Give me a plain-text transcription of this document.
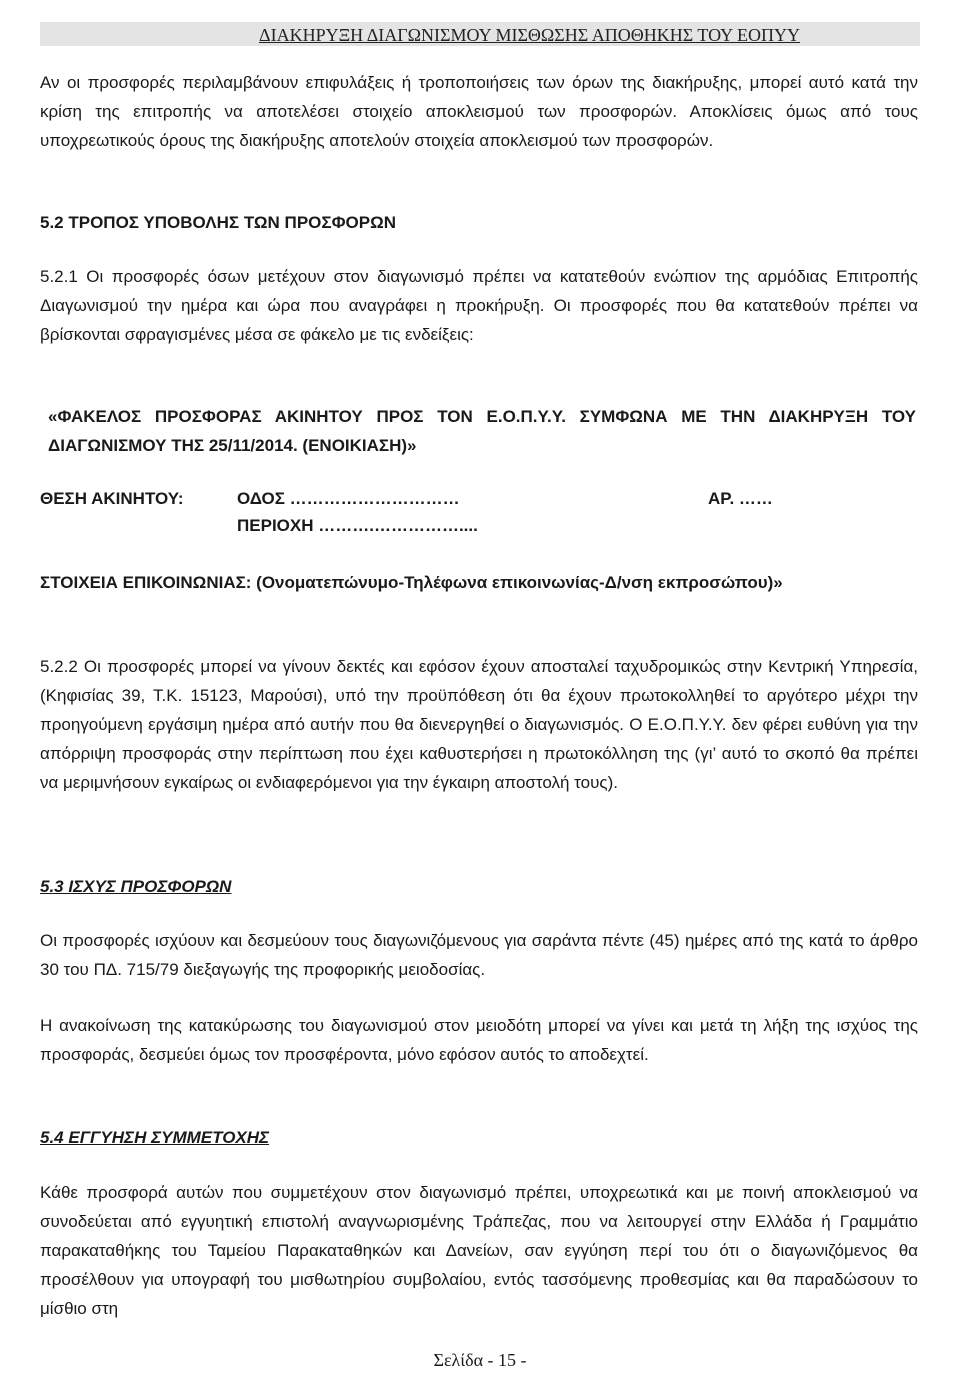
ΔΙΑΚΗΡΥΞΗ ΔΙΑΓΩΝΙΣΜΟΥ ΜΙΣΘΩΣΗΣ ΑΠΟΘΗΚΗΣ ΤΟΥ ΕΟΠΥΥ

Αν οι προσφορές περιλαμβάνουν επιφυλάξεις ή τροποποιήσεις των όρων της διακήρυξης, μπορεί αυτό κατά την κρίση της επιτροπής να αποτελέσει στοιχείο αποκλεισμού των προσφορών. Αποκλίσεις όμως από τους υποχρεωτικούς όρους της διακήρυξης αποτελούν στοιχεία αποκλεισμού των προσφορών.

5.2 ΤΡΟΠΟΣ ΥΠΟΒΟΛΗΣ ΤΩΝ ΠΡΟΣΦΟΡΩΝ

5.2.1 Οι προσφορές όσων μετέχουν στον διαγωνισμό πρέπει να κατατεθούν ενώπιον της αρμόδιας Επιτροπής Διαγωνισμού την ημέρα και ώρα που αναγράφει η προκήρυξη. Οι προσφορές που θα κατατεθούν πρέπει να βρίσκονται σφραγισμένες μέσα σε φάκελο με τις ενδείξεις:

«ΦΑΚΕΛΟΣ ΠΡΟΣΦΟΡΑΣ ΑΚΙΝΗΤΟΥ ΠΡΟΣ ΤΟΝ Ε.Ο.Π.Υ.Υ. ΣΥΜΦΩΝΑ ΜΕ ΤΗΝ ΔΙΑΚΗΡΥΞΗ ΤΟΥ ΔΙΑΓΩΝΙΣΜΟΥ ΤΗΣ 25/11/2014. (ΕΝΟΙΚΙΑΣΗ)»

ΘΕΣΗ ΑΚΙΝΗΤΟΥ:	ΟΔΟΣ …………………………	ΑΡ. ……
ΠΕΡΙΟΧΗ ……….……………....

ΣΤΟΙΧΕΙΑ ΕΠΙΚΟΙΝΩΝΙΑΣ: (Ονοματεπώνυμο-Τηλέφωνα επικοινωνίας-Δ/νση εκπροσώπου)»

5.2.2 Οι προσφορές μπορεί να γίνουν δεκτές και εφόσον έχουν αποσταλεί ταχυδρομικώς στην Κεντρική Υπηρεσία, (Κηφισίας 39, Τ.Κ. 15123, Μαρούσι), υπό την προϋπόθεση ότι θα έχουν πρωτοκολληθεί το αργότερο μέχρι την προηγούμενη εργάσιμη ημέρα από αυτήν που θα διενεργηθεί ο διαγωνισμός. Ο Ε.Ο.Π.Υ.Υ. δεν φέρει ευθύνη για την απόρριψη προσφοράς στην περίπτωση που έχει καθυστερήσει η πρωτοκόλληση της (γι’ αυτό το σκοπό θα πρέπει να μεριμνήσουν εγκαίρως οι ενδιαφερόμενοι για την έγκαιρη αποστολή τους).

5.3 ΙΣΧΥΣ ΠΡΟΣΦΟΡΩΝ

Οι προσφορές ισχύουν και δεσμεύουν τους διαγωνιζόμενους για σαράντα πέντε (45) ημέρες από της κατά το άρθρο 30 του ΠΔ. 715/79 διεξαγωγής της προφορικής μειοδοσίας.

Η ανακοίνωση της κατακύρωσης του διαγωνισμού στον μειοδότη μπορεί να γίνει και μετά τη λήξη της ισχύος της προσφοράς, δεσμεύει όμως τον προσφέροντα, μόνο εφόσον αυτός το αποδεχτεί.

5.4 ΕΓΓΥΗΣΗ ΣΥΜΜΕΤΟΧΗΣ

Κάθε προσφορά αυτών που συμμετέχουν στον διαγωνισμό πρέπει, υποχρεωτικά και με ποινή αποκλεισμού να συνοδεύεται από εγγυητική επιστολή αναγνωρισμένης Τράπεζας, που να λειτουργεί στην Ελλάδα ή Γραμμάτιο παρακαταθήκης του Ταμείου Παρακαταθηκών και Δανείων, σαν εγγύηση περί του ότι ο διαγωνιζόμενος θα προσέλθουν για υπογραφή του μισθωτηρίου συμβολαίου, εντός τασσόμενης προθεσμίας και θα παραδώσουν το μίσθιο στη

Σελίδα - 15 -
